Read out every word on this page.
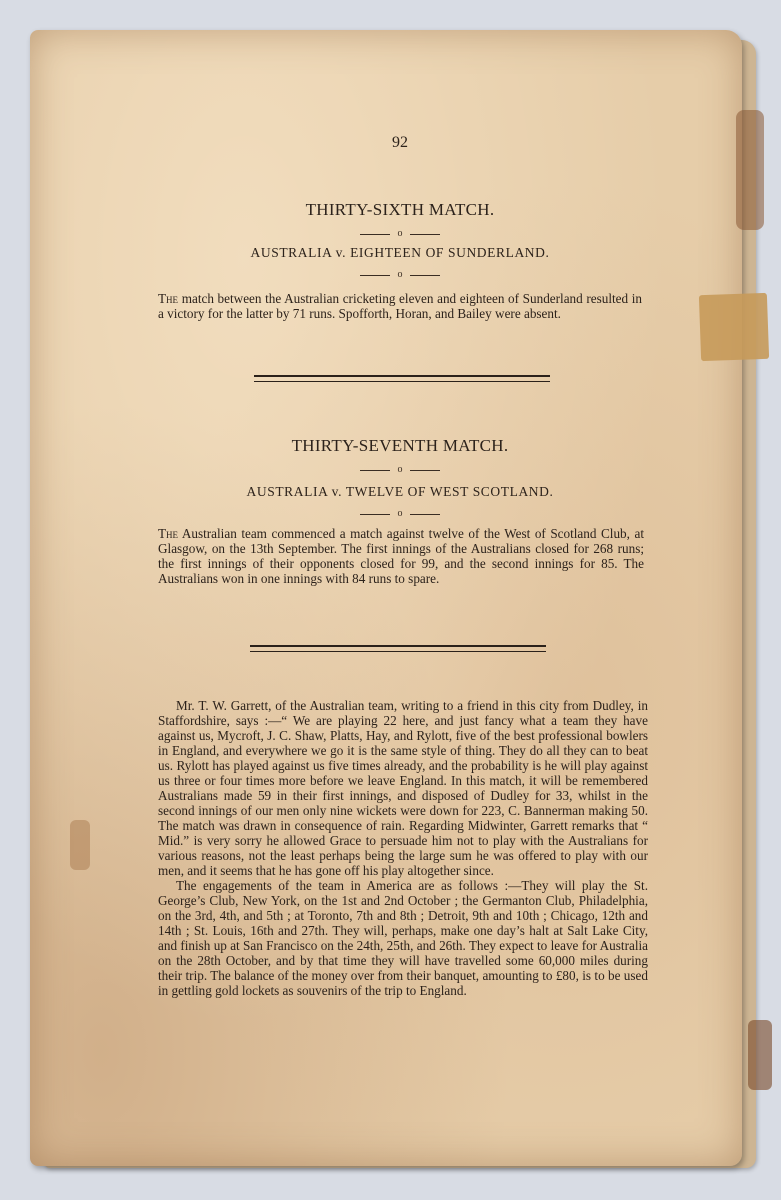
92
THIRTY-SIXTH MATCH.
o
AUSTRALIA v. EIGHTEEN OF SUNDERLAND.
o
The match between the Australian cricketing eleven and eighteen of Sunderland resulted in a victory for the latter by 71 runs. Spofforth, Horan, and Bailey were absent.
THIRTY-SEVENTH MATCH.
o
AUSTRALIA v. TWELVE OF WEST SCOTLAND.
o
The Australian team commenced a match against twelve of the West of Scotland Club, at Glasgow, on the 13th September. The first innings of the Australians closed for 268 runs; the first innings of their opponents closed for 99, and the second innings for 85. The Australians won in one innings with 84 runs to spare.

Mr. T. W. Garrett, of the Australian team, writing to a friend in this city from Dudley, in Staffordshire, says :—“ We are playing 22 here, and just fancy what a team they have against us, Mycroft, J. C. Shaw, Platts, Hay, and Rylott, five of the best professional bowlers in England, and everywhere we go it is the same style of thing. They do all they can to beat us. Rylott has played against us five times already, and the probability is he will play against us three or four times more before we leave England. In this match, it will be remembered Australians made 59 in their first innings, and disposed of Dudley for 33, whilst in the second innings of our men only nine wickets were down for 223, C. Bannerman making 50. The match was drawn in consequence of rain. Regarding Midwinter, Garrett remarks that “ Mid.” is very sorry he allowed Grace to persuade him not to play with the Australians for various reasons, not the least perhaps being the large sum he was offered to play with our men, and it seems that he has gone off his play altogether since.

The engagements of the team in America are as follows :—They will play the St. George’s Club, New York, on the 1st and 2nd October ; the Germanton Club, Philadelphia, on the 3rd, 4th, and 5th ; at Toronto, 7th and 8th ; Detroit, 9th and 10th ; Chicago, 12th and 14th ; St. Louis, 16th and 27th. They will, perhaps, make one day’s halt at Salt Lake City, and finish up at San Francisco on the 24th, 25th, and 26th. They expect to leave for Australia on the 28th October, and by that time they will have travelled some 60,000 miles during their trip. The balance of the money over from their banquet, amounting to £80, is to be used in gettling gold lockets as souvenirs of the trip to England.
